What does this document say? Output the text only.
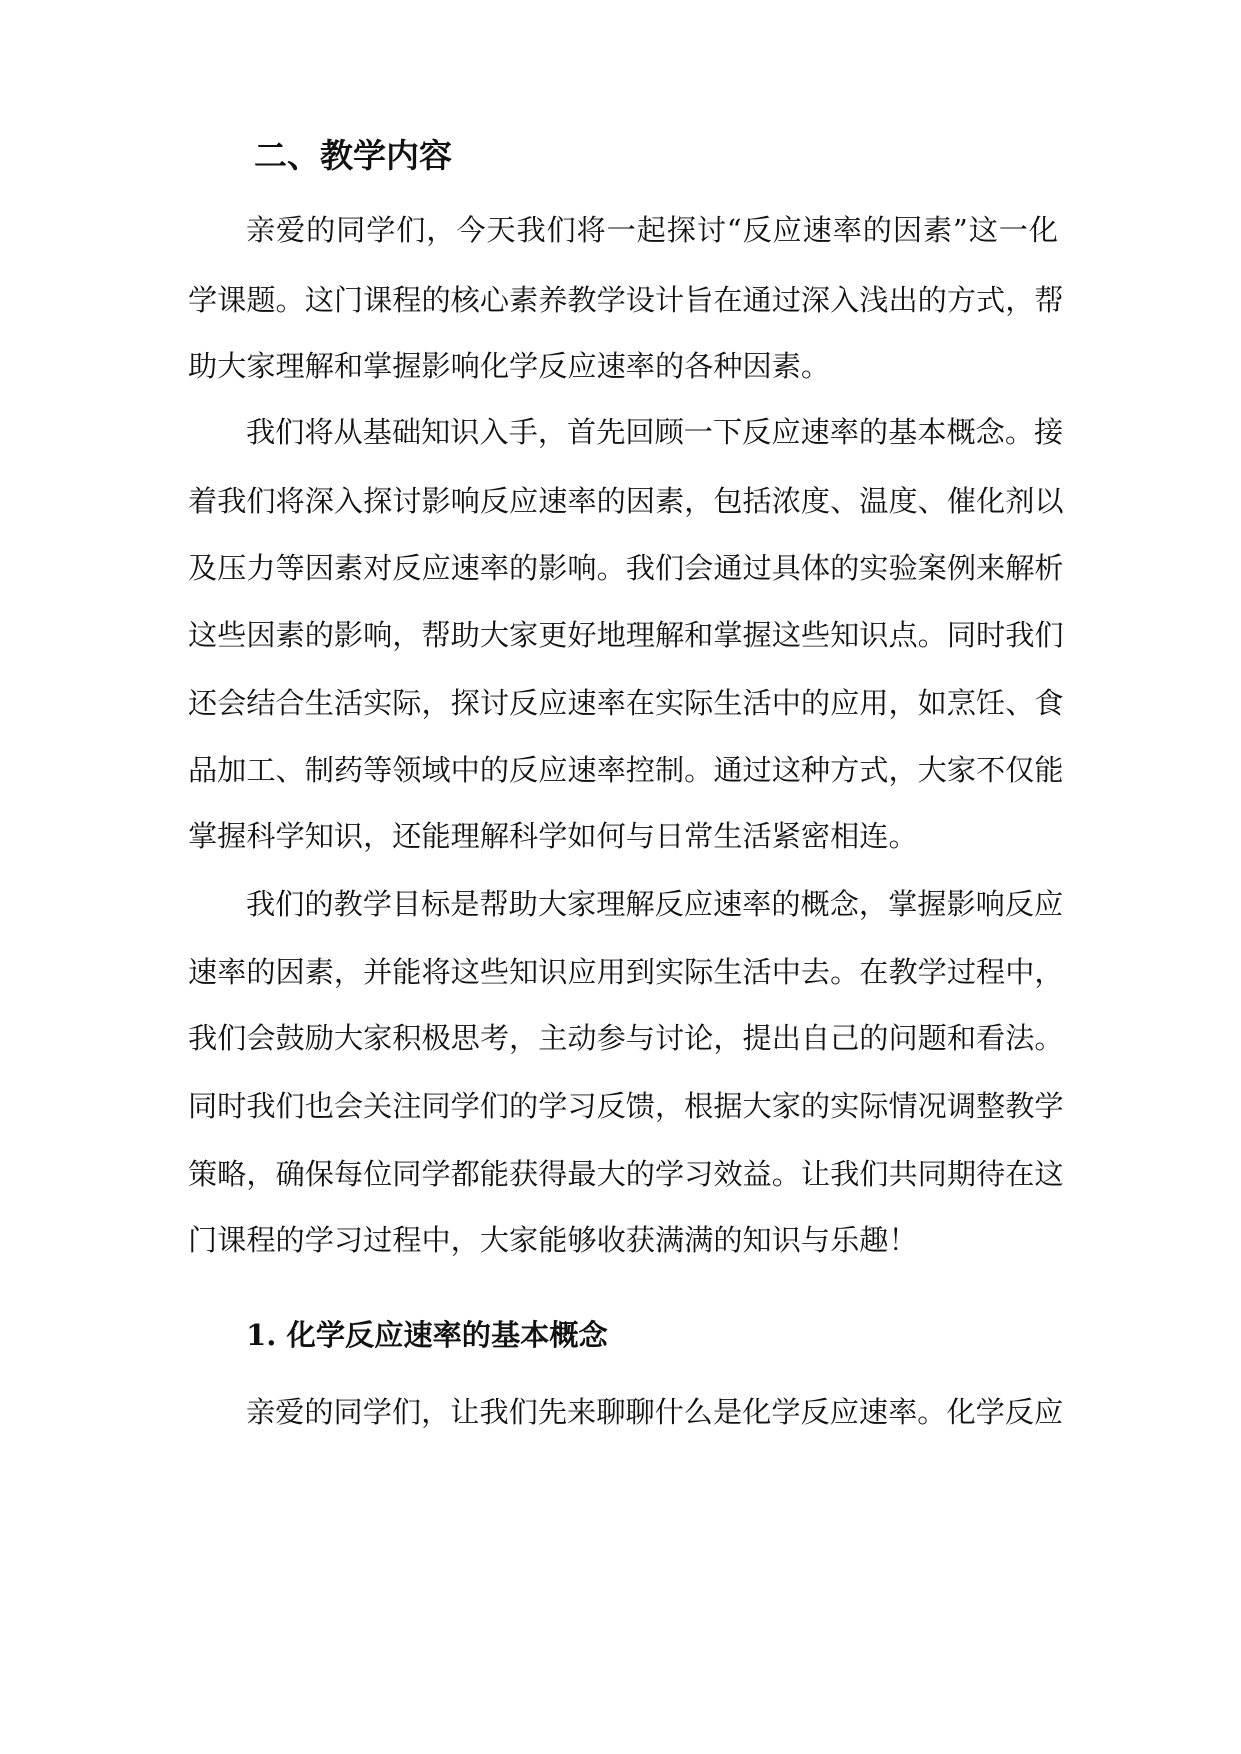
二、教学内容
亲爱的同学们，今天我们将一起探讨“反应速率的因素”这一化
学课题。这门课程的核心素养教学设计旨在通过深入浅出的方式，帮
助大家理解和掌握影响化学反应速率的各种因素。
我们将从基础知识入手，首先回顾一下反应速率的基本概念。接
着我们将深入探讨影响反应速率的因素，包括浓度、温度、催化剂以
及压力等因素对反应速率的影响。我们会通过具体的实验案例来解析
这些因素的影响，帮助大家更好地理解和掌握这些知识点。同时我们
还会结合生活实际，探讨反应速率在实际生活中的应用，如烹饪、食
品加工、制药等领域中的反应速率控制。通过这种方式，大家不仅能
掌握科学知识，还能理解科学如何与日常生活紧密相连。
我们的教学目标是帮助大家理解反应速率的概念，掌握影响反应
速率的因素，并能将这些知识应用到实际生活中去。在教学过程中，
我们会鼓励大家积极思考，主动参与讨论，提出自己的问题和看法。
同时我们也会关注同学们的学习反馈，根据大家的实际情况调整教学
策略，确保每位同学都能获得最大的学习效益。让我们共同期待在这
门课程的学习过程中，大家能够收获满满的知识与乐趣！
1. 化学反应速率的基本概念
亲爱的同学们，让我们先来聊聊什么是化学反应速率。化学反应
